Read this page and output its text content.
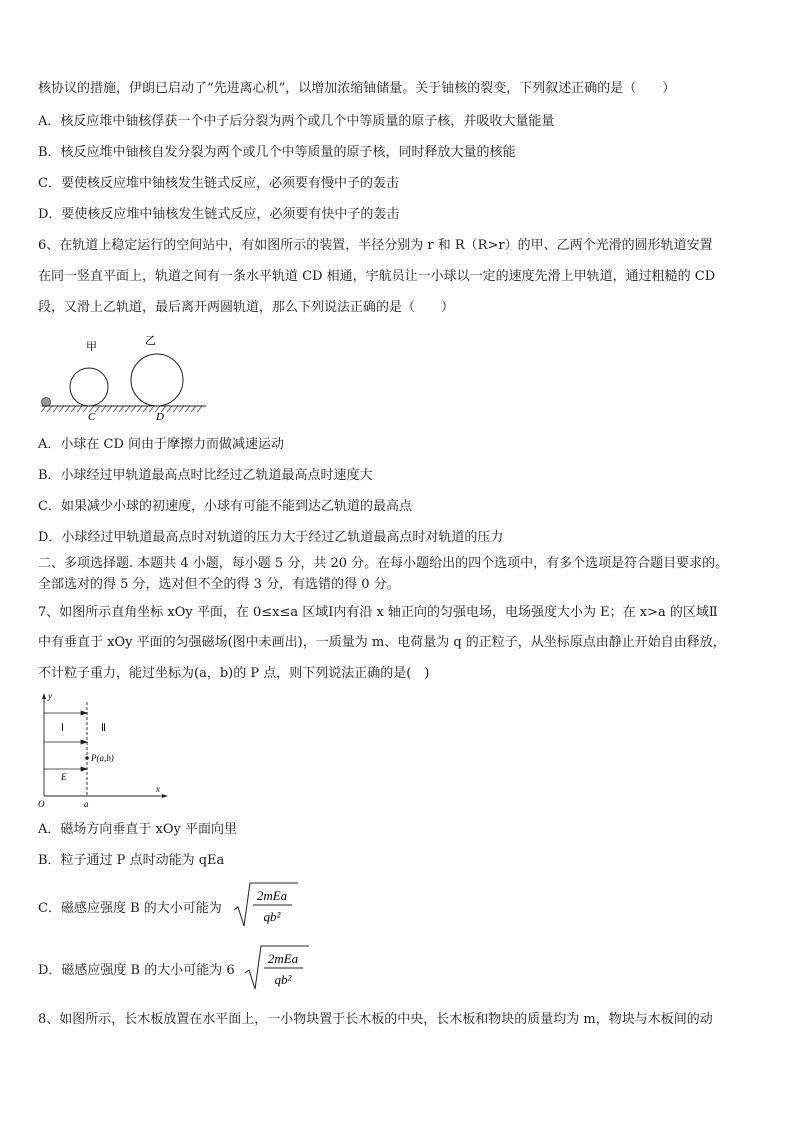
核协议的措施，伊朗已启动了“先进离心机”，以增加浓缩铀储量。关于铀核的裂变，下列叙述正确的是（　　）
A．核反应堆中铀核俘获一个中子后分裂为两个或几个中等质量的原子核，并吸收大量能量
B．核反应堆中铀核自发分裂为两个或几个中等质量的原子核，同时释放大量的核能
C．要使核反应堆中铀核发生链式反应，必须要有慢中子的轰击
D．要使核反应堆中铀核发生链式反应，必须要有快中子的轰击
6、在轨道上稳定运行的空间站中，有如图所示的装置，半径分别为 r 和 R（R>r）的甲、乙两个光滑的圆形轨道安置
在同一竖直平面上，轨道之间有一条水平轨道 CD 相通，宇航员让一小球以一定的速度先滑上甲轨道，通过粗糙的 CD
段，又滑上乙轨道，最后离开两圆轨道，那么下列说法正确的是（　　）
甲	乙
C	D
A．小球在 CD 间由于摩擦力而做减速运动
B．小球经过甲轨道最高点时比经过乙轨道最高点时速度大
C．如果减少小球的初速度，小球有可能不能到达乙轨道的最高点
D．小球经过甲轨道最高点时对轨道的压力大于经过乙轨道最高点时对轨道的压力
二、多项选择题. 本题共 4 小题，每小题 5 分，共 20 分。在每小题给出的四个选项中，有多个选项是符合题目要求的。
全部选对的得 5 分，选对但不全的得 3 分，有选错的得 0 分。
7、如图所示直角坐标 xOy 平面，在 0≤x≤a 区域Ⅰ内有沿 x 轴正向的匀强电场，电场强度大小为 E；在 x>a 的区域Ⅱ
中有垂直于 xOy 平面的匀强磁场(图中未画出)，一质量为 m、电荷量为 q 的正粒子，从坐标原点由静止开始自由释放，
不计粒子重力，能过坐标为(a，b)的 P 点，则下列说法正确的是(　)
y
x
O	a
Ⅰ	Ⅱ
E
P(a,b)
A．磁场方向垂直于 xOy 平面向里
B．粒子通过 P 点时动能为 qEa
C．磁感应强度 B 的大小可能为
2mEa
qb²
D．磁感应强度 B 的大小可能为 6
2mEa
qb²
8、如图所示，长木板放置在水平面上，一小物块置于长木板的中央，长木板和物块的质量均为 m，物块与木板间的动
